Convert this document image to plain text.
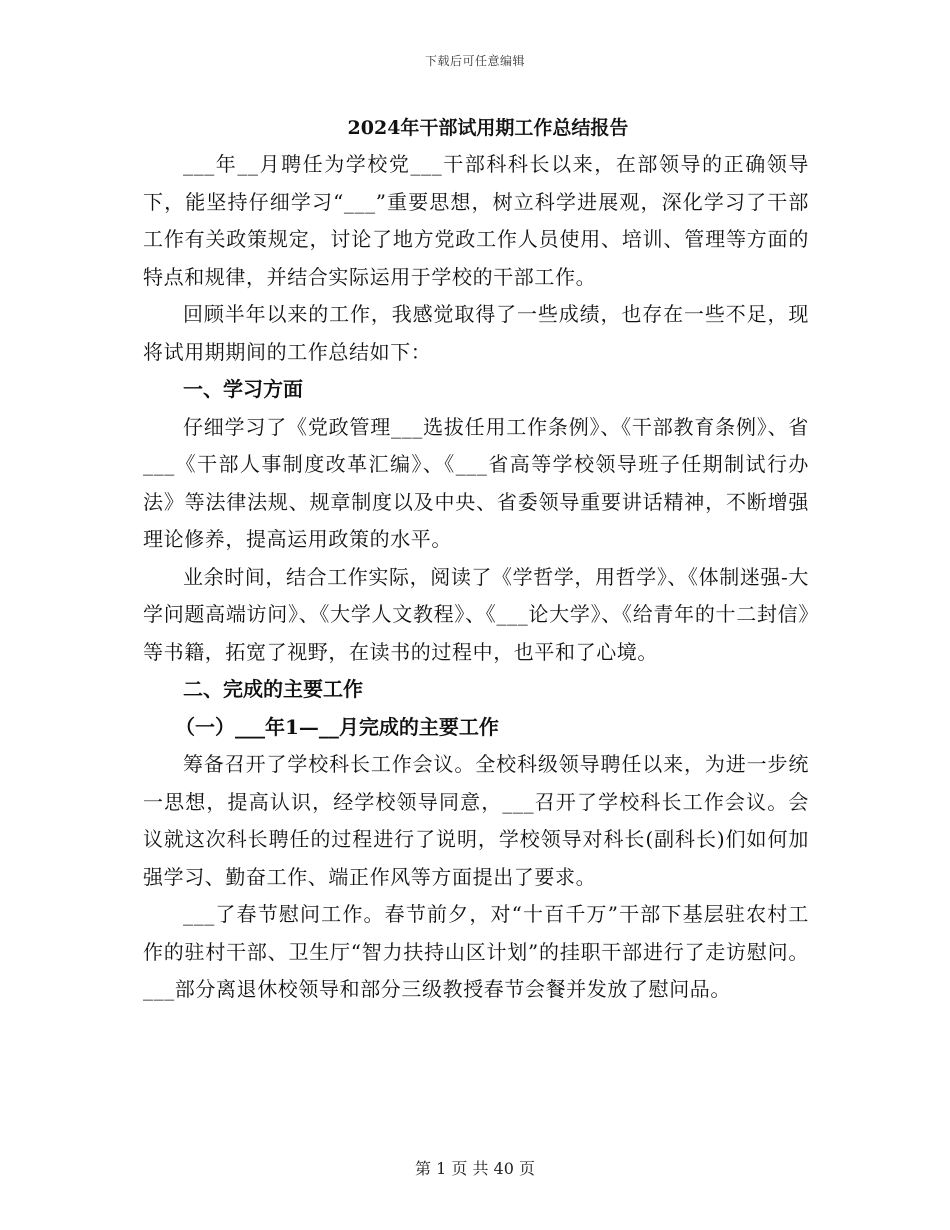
下载后可任意编辑
2024年干部试用期工作总结报告

___年__月聘任为学校党___干部科科长以来，在部领导的正确领导下，能坚持仔细学习“___”重要思想，树立科学进展观，深化学习了干部工作有关政策规定，讨论了地方党政工作人员使用、培训、管理等方面的特点和规律，并结合实际运用于学校的干部工作。

回顾半年以来的工作，我感觉取得了一些成绩，也存在一些不足，现将试用期期间的工作总结如下：

一、学习方面

仔细学习了《党政管理___选拔任用工作条例》、《干部教育条例》、省___《干部人事制度改革汇编》、《___省高等学校领导班子任期制试行办法》等法律法规、规章制度以及中央、省委领导重要讲话精神，不断增强理论修养，提高运用政策的水平。

业余时间，结合工作实际，阅读了《学哲学，用哲学》、《体制迷强-大学问题高端访问》、《大学人文教程》、《___论大学》、《给青年的十二封信》等书籍，拓宽了视野，在读书的过程中，也平和了心境。

二、完成的主要工作

（一）___年1—__月完成的主要工作

筹备召开了学校科长工作会议。全校科级领导聘任以来，为进一步统一思想，提高认识，经学校领导同意，___召开了学校科长工作会议。会议就这次科长聘任的过程进行了说明，学校领导对科长(副科长)们如何加强学习、勤奋工作、端正作风等方面提出了要求。

___了春节慰问工作。春节前夕，对“十百千万”干部下基层驻农村工作的驻村干部、卫生厅“智力扶持山区计划”的挂职干部进行了走访慰问。___部分离退休校领导和部分三级教授春节会餐并发放了慰问品。

第 1 页 共 40 页
